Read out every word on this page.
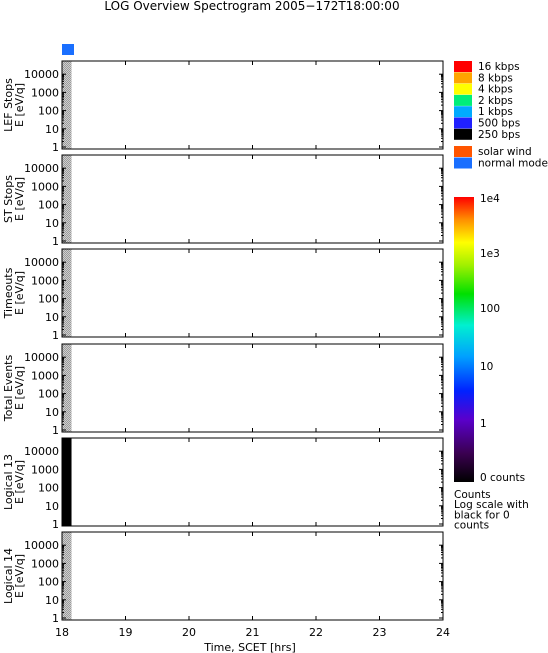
LOG Overview Spectrogram 2005−172T18:00:00
1
10
100
1000
10000
LEF Stops
E [eV/q]
1
10
100
1000
10000
ST Stops
E [eV/q]
1
10
100
1000
10000
Timeouts
E [eV/q]
1
10
100
1000
10000
Total Events
E [eV/q]
1
10
100
1000
10000
Logical 13
E [eV/q]
1
10
100
1000
10000
Logical 14
E [eV/q]
18	19	20	21	22	23	24
Time, SCET [hrs]
16 kbps
8 kbps
4 kbps
2 kbps
1 kbps
500 bps
250 bps
solar wind
normal mode
1e4
1e3
100
10
1
0 counts
Counts
Log scale with
black for 0
counts
